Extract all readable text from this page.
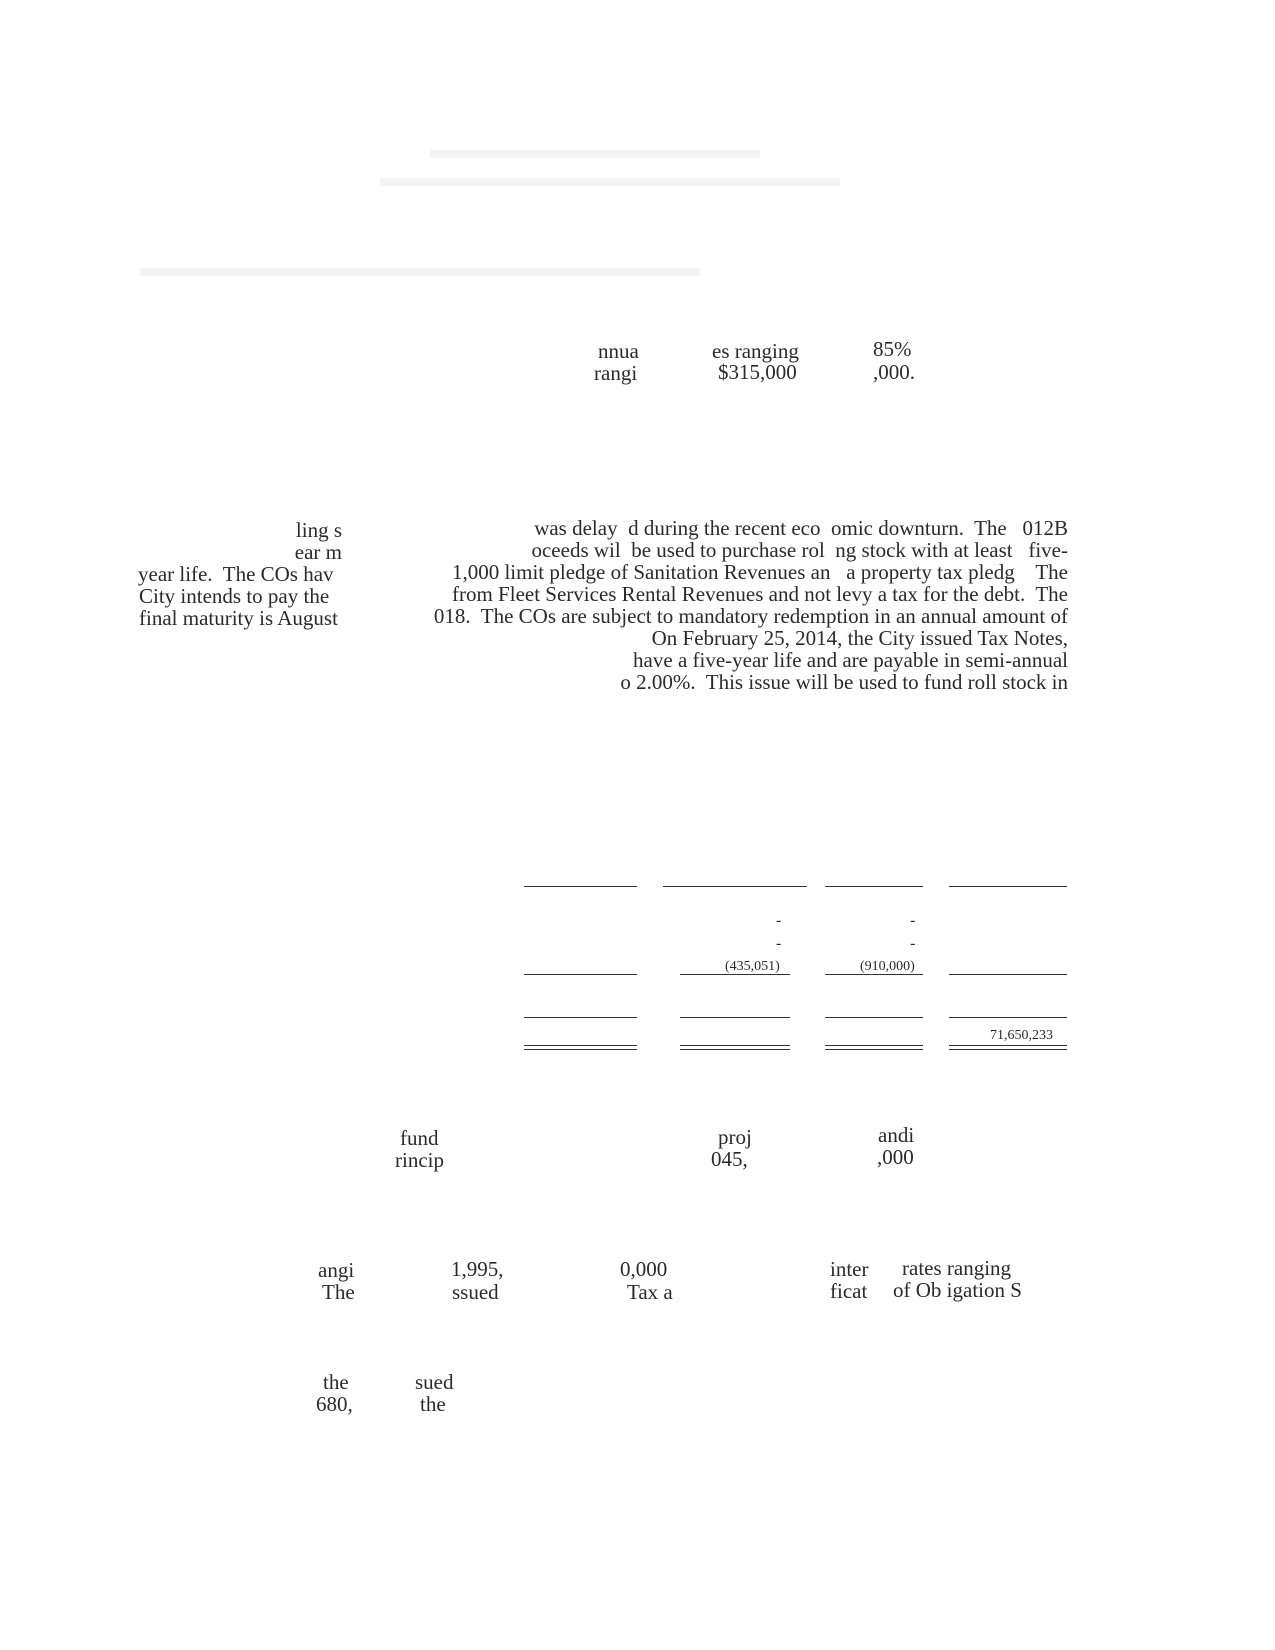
nnua	es ranging	85%
rangi	$315,000	,000.
ling s
ear m
year life.  The COs hav
City intends to pay the
final maturity is August
was delay  d during the recent eco  omic downturn.  The   012B
oceeds wil  be used to purchase rol  ng stock with at least   five-
1,000 limit pledge of Sanitation Revenues an   a property tax pledg    The
from Fleet Services Rental Revenues and not levy a tax for the debt.  The
018.  The COs are subject to mandatory redemption in an annual amount of
On February 25, 2014, the City issued Tax Notes,
have a five-year life and are payable in semi-annual
o 2.00%.  This issue will be used to fund roll stock in
-	-
-	-
(435,051)	(910,000)
71,650,233
fund	proj	andi
rincip	045,	,000
angi	1,995,	0,000	inter rates ranging
The	ssued	Tax a	ficat of Ob igation S
the	sued
680,	the
